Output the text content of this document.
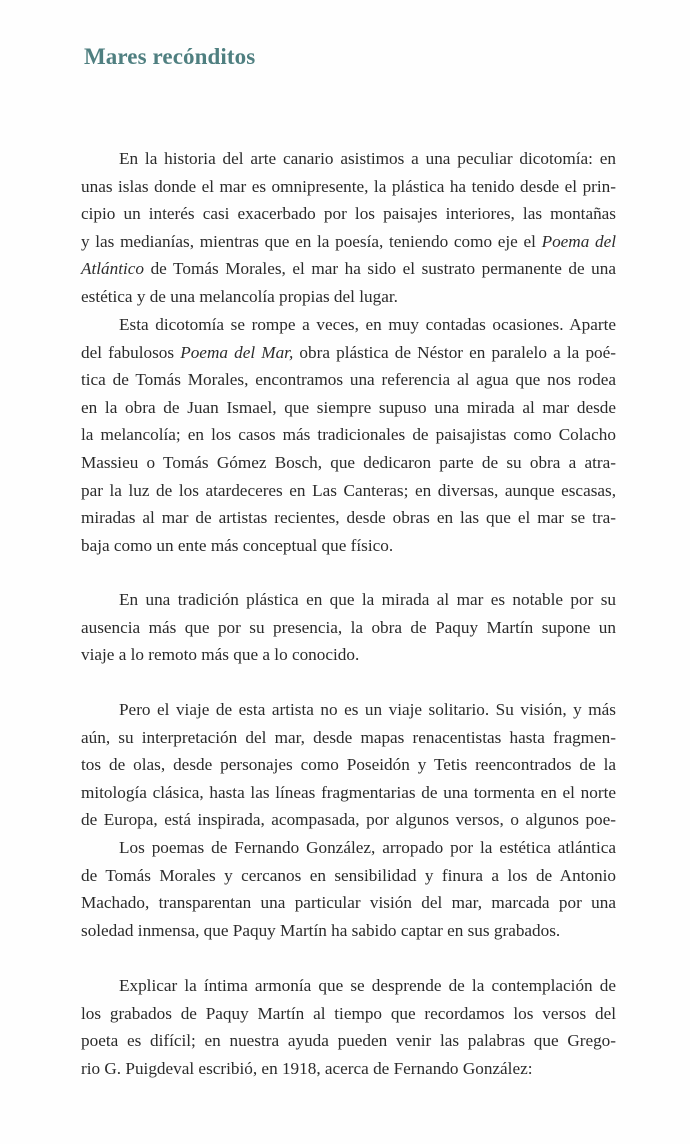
Mares recónditos
En la historia del arte canario asistimos a una peculiar dicotomía: en
unas islas donde el mar es omnipresente, la plástica ha tenido desde el prin-
cipio un interés casi exacerbado por los paisajes interiores, las montañas
y las medianías, mientras que en la poesía, teniendo como eje el Poema del
Atlántico de Tomás Morales, el mar ha sido el sustrato permanente de una
estética y de una melancolía propias del lugar.
Esta dicotomía se rompe a veces, en muy contadas ocasiones. Aparte
del fabulosos Poema del Mar, obra plástica de Néstor en paralelo a la poé-
tica de Tomás Morales, encontramos una referencia al agua que nos rodea
en la obra de Juan Ismael, que siempre supuso una mirada al mar desde
la melancolía; en los casos más tradicionales de paisajistas como Colacho
Massieu o Tomás Gómez Bosch, que dedicaron parte de su obra a atra-
par la luz de los atardeceres en Las Canteras; en diversas, aunque escasas,
miradas al mar de artistas recientes, desde obras en las que el mar se tra-
baja como un ente más conceptual que físico.
En una tradición plástica en que la mirada al mar es notable por su
ausencia más que por su presencia, la obra de Paquy Martín supone un
viaje a lo remoto más que a lo conocido.
Pero el viaje de esta artista no es un viaje solitario. Su visión, y más
aún, su interpretación del mar, desde mapas renacentistas hasta fragmen-
tos de olas, desde personajes como Poseidón y Tetis reencontrados de la
mitología clásica, hasta las líneas fragmentarias de una tormenta en el norte
de Europa, está inspirada, acompasada, por algunos versos, o algunos poe-
Los poemas de Fernando González, arropado por la estética atlántica
de Tomás Morales y cercanos en sensibilidad y finura a los de Antonio
Machado, transparentan una particular visión del mar, marcada por una
soledad inmensa, que Paquy Martín ha sabido captar en sus grabados.
Explicar la íntima armonía que se desprende de la contemplación de
los grabados de Paquy Martín al tiempo que recordamos los versos del
poeta es difícil; en nuestra ayuda pueden venir las palabras que Grego-
rio G. Puigdeval escribió, en 1918, acerca de Fernando González:
